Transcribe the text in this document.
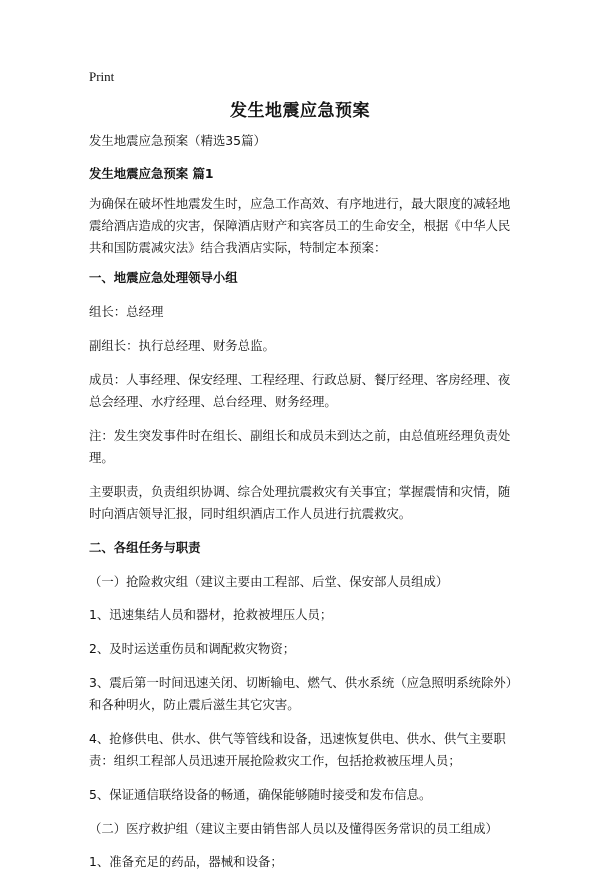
Print
发生地震应急预案

发生地震应急预案（精选35篇）

发生地震应急预案 篇1

为确保在破坏性地震发生时，应急工作高效、有序地进行，最大限度的减轻地震给酒店造成的灾害，保障酒店财产和宾客员工的生命安全，根据《中华人民共和国防震减灾法》结合我酒店实际，特制定本预案：

一、地震应急处理领导小组

组长：总经理

副组长：执行总经理、财务总监。

成员：人事经理、保安经理、工程经理、行政总厨、餐厅经理、客房经理、夜总会经理、水疗经理、总台经理、财务经理。

注：发生突发事件时在组长、副组长和成员未到达之前，由总值班经理负责处理。

主要职责，负责组织协调、综合处理抗震救灾有关事宜；掌握震情和灾情，随时向酒店领导汇报，同时组织酒店工作人员进行抗震救灾。

二、各组任务与职责

（一）抢险救灾组（建议主要由工程部、后堂、保安部人员组成）

1、迅速集结人员和器材，抢救被埋压人员；

2、及时运送重伤员和调配救灾物资；

3、震后第一时间迅速关闭、切断输电、燃气、供水系统（应急照明系统除外）和各种明火，防止震后滋生其它灾害。

4、抢修供电、供水、供气等管线和设备，迅速恢复供电、供水、供气主要职责：组织工程部人员迅速开展抢险救灾工作，包括抢救被压埋人员；

5、保证通信联络设备的畅通，确保能够随时接受和发布信息。

（二）医疗救护组（建议主要由销售部人员以及懂得医务常识的员工组成）

1、准备充足的药品，器械和设备；
